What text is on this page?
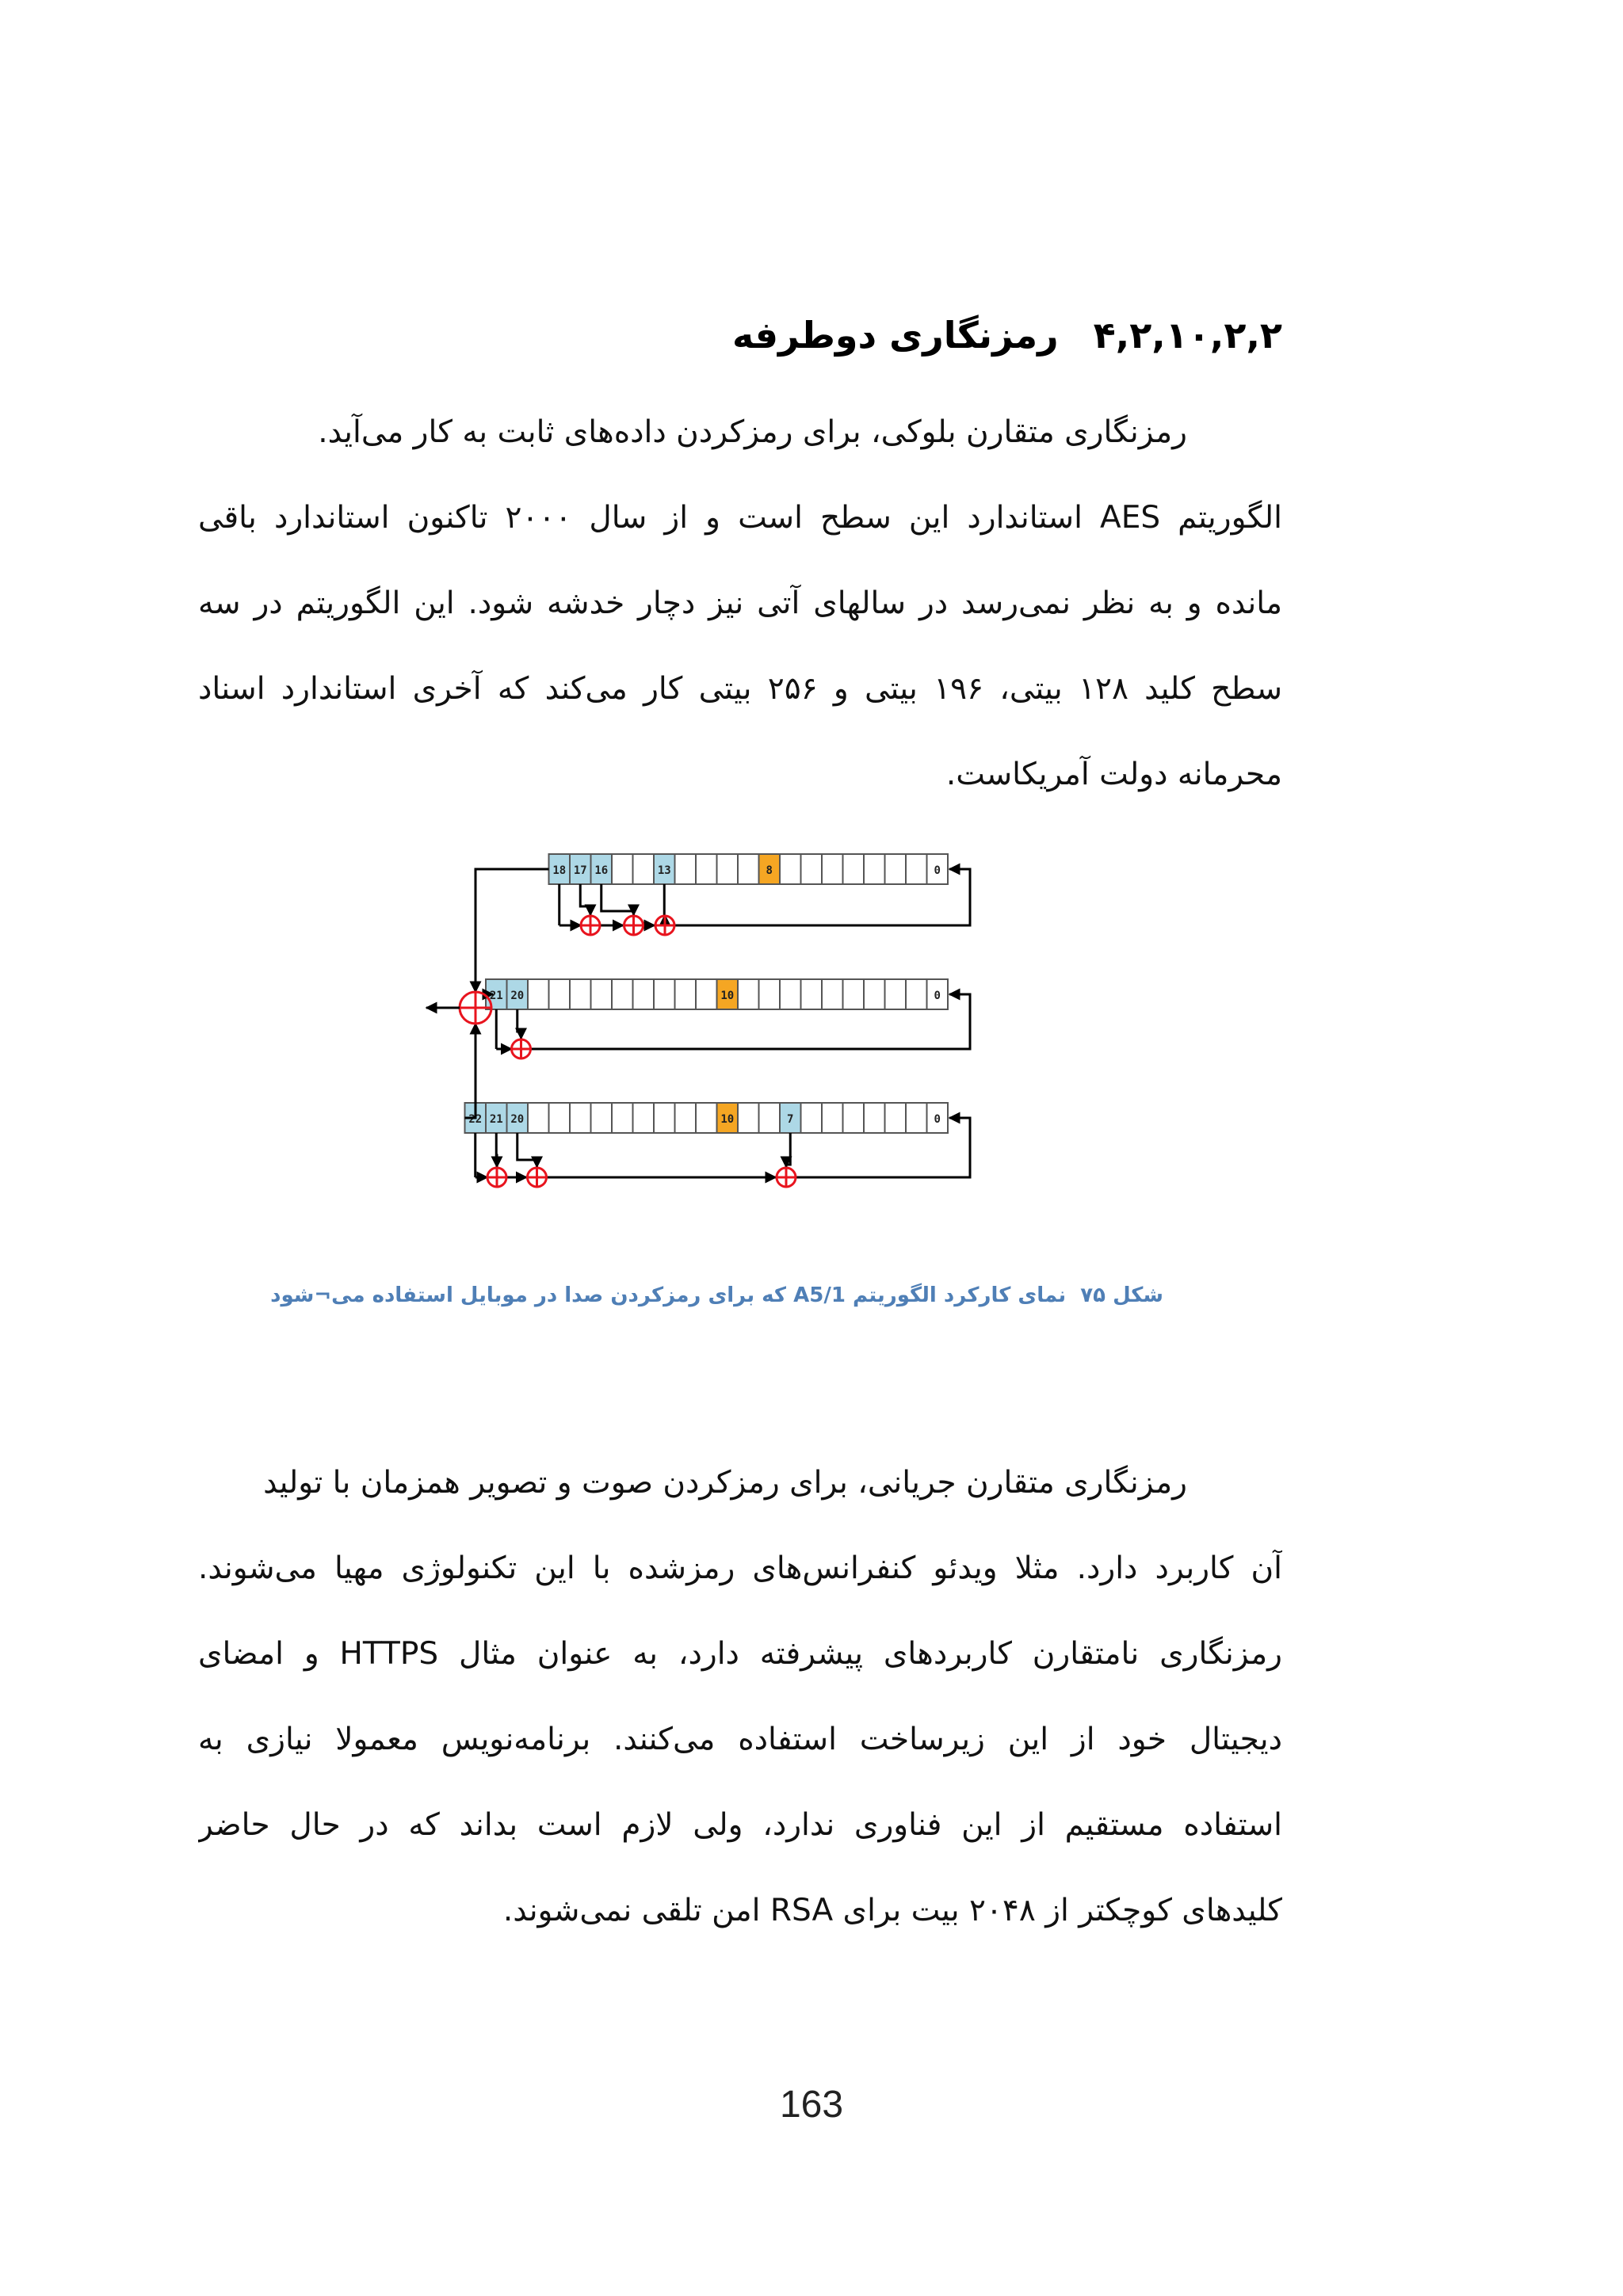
۴,۲,۱۰,۲,۲رمزنگاری دوطرفه
رمزنگاری متقارن بلوکی، برای رمزکردن داده‌های ثابت به کار می‌آید.
الگوریتم AES استاندارد این سطح است و از سال ۲۰۰۰ تاکنون استاندارد باقی
مانده و به نظر نمی‌رسد در سالهای آتی نیز دچار خدشه شود. این الگوریتم در سه
سطح کلید ۱۲۸ بیتی، ۱۹۶ بیتی و ۲۵۶ بیتی کار می‌کند که آخری استاندارد اسناد
محرمانه دولت آمریکاست.
18 17 16	13	8	0
21 20	10	0
22 21 20	10	7	0
شکل ۷۵  نمای کارکرد الگوریتم A5/1 که برای رمزکردن صدا در موبایل استفاده می¬شود
رمزنگاری متقارن جریانی، برای رمزکردن صوت و تصویر همزمان با تولید
آن کاربرد دارد. مثلا ویدئو کنفرانس‌های رمزشده با این تکنولوژی مهیا می‌شوند.
رمزنگاری نامتقارن کاربردهای پیشرفته دارد، به عنوان مثال HTTPS و امضای
دیجیتال خود از این زیرساخت استفاده می‌کنند. برنامه‌نویس معمولا نیازی به
استفاده مستقیم از این فناوری ندارد، ولی لازم است بداند که در حال حاضر
کلیدهای کوچکتر از ۲۰۴۸ بیت برای RSA امن تلقی نمی‌شوند.
163
